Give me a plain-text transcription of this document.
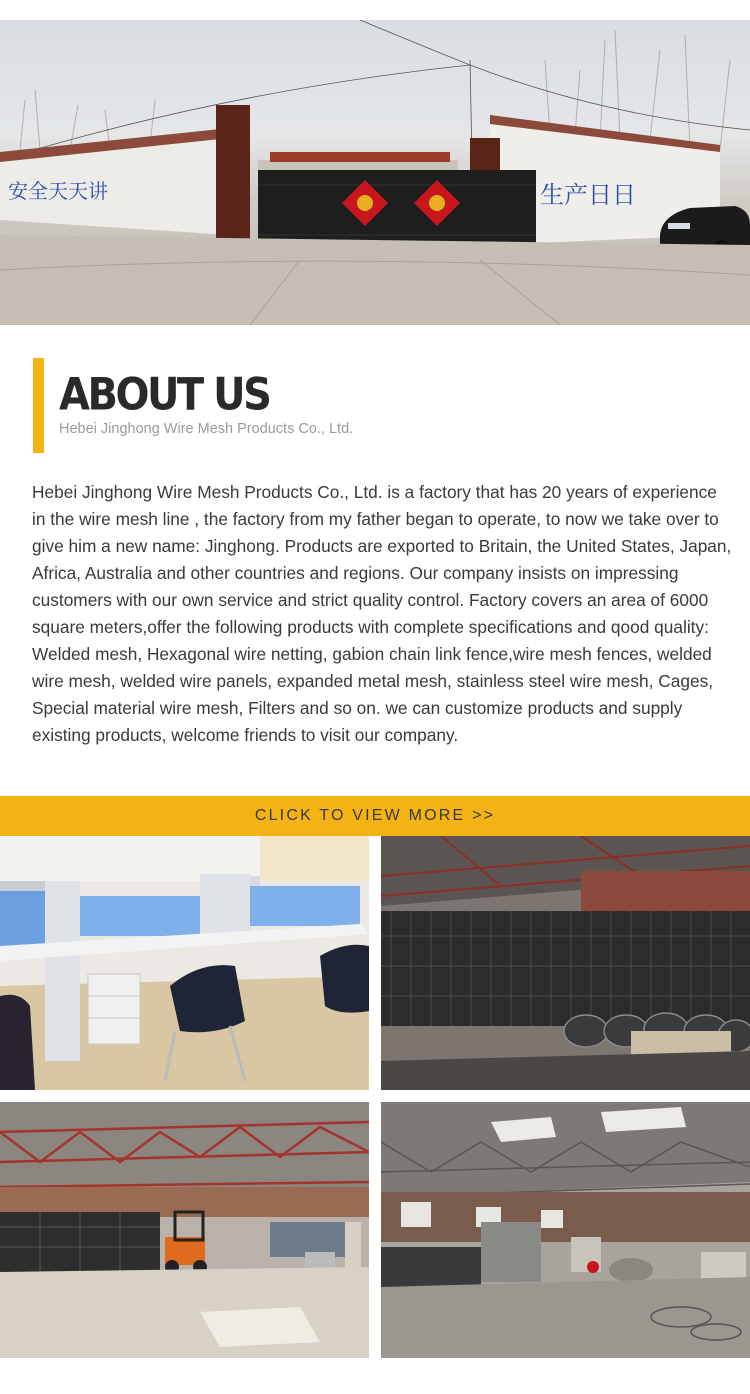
安全天天讲	生产日日
ABOUT US
Hebei Jinghong Wire Mesh Products Co., Ltd.

Hebei Jinghong Wire Mesh Products Co., Ltd. is a factory that has 20 years of experience in the wire mesh line , the factory from my father began to operate, to now we take over to give him a new name: Jinghong. Products are exported to Britain, the United States, Japan, Africa, Australia and other countries and regions. Our company insists on impressing customers with our own service and strict quality control. Factory covers an area of 6000 square meters,offer the following products with complete specifications and qood quality: Welded mesh, Hexagonal wire netting, gabion chain link fence,wire mesh fences, welded wire mesh, welded wire panels, expanded metal mesh, stainless steel wire mesh, Cages, Special material wire mesh, Filters and so on. we can customize products and supply existing products, welcome friends to visit our company.

CLICK TO VIEW MORE >>
